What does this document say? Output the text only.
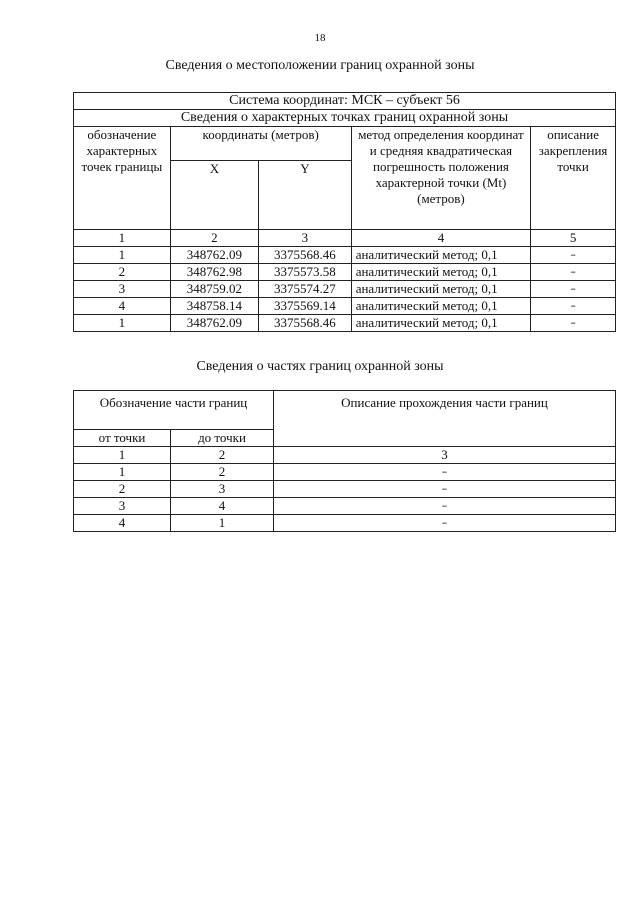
18
Сведения о местоположении границ охранной зоны
Система координат: МСК – субъект 56				
Сведения о характерных точках границ охранной зоны				
обозначение характерных точек границы	координаты (метров)		метод определения координат и средняя квадратическая погрешность положения характерной точки (Mt) (метров)	описание закрепления точки
	X	Y		
1	2	3	4	5
1	348762.09	3375568.46	аналитический метод; 0,1	–
2	348762.98	3375573.58	аналитический метод; 0,1	–
3	348759.02	3375574.27	аналитический метод; 0,1	–
4	348758.14	3375569.14	аналитический метод; 0,1	–
1	348762.09	3375568.46	аналитический метод; 0,1	–
Сведения о частях границ охранной зоны
Обозначение части границ		Описание прохождения части границ
от точки	до точки	
1	2	3
1	2	–
2	3	–
3	4	–
4	1	–
